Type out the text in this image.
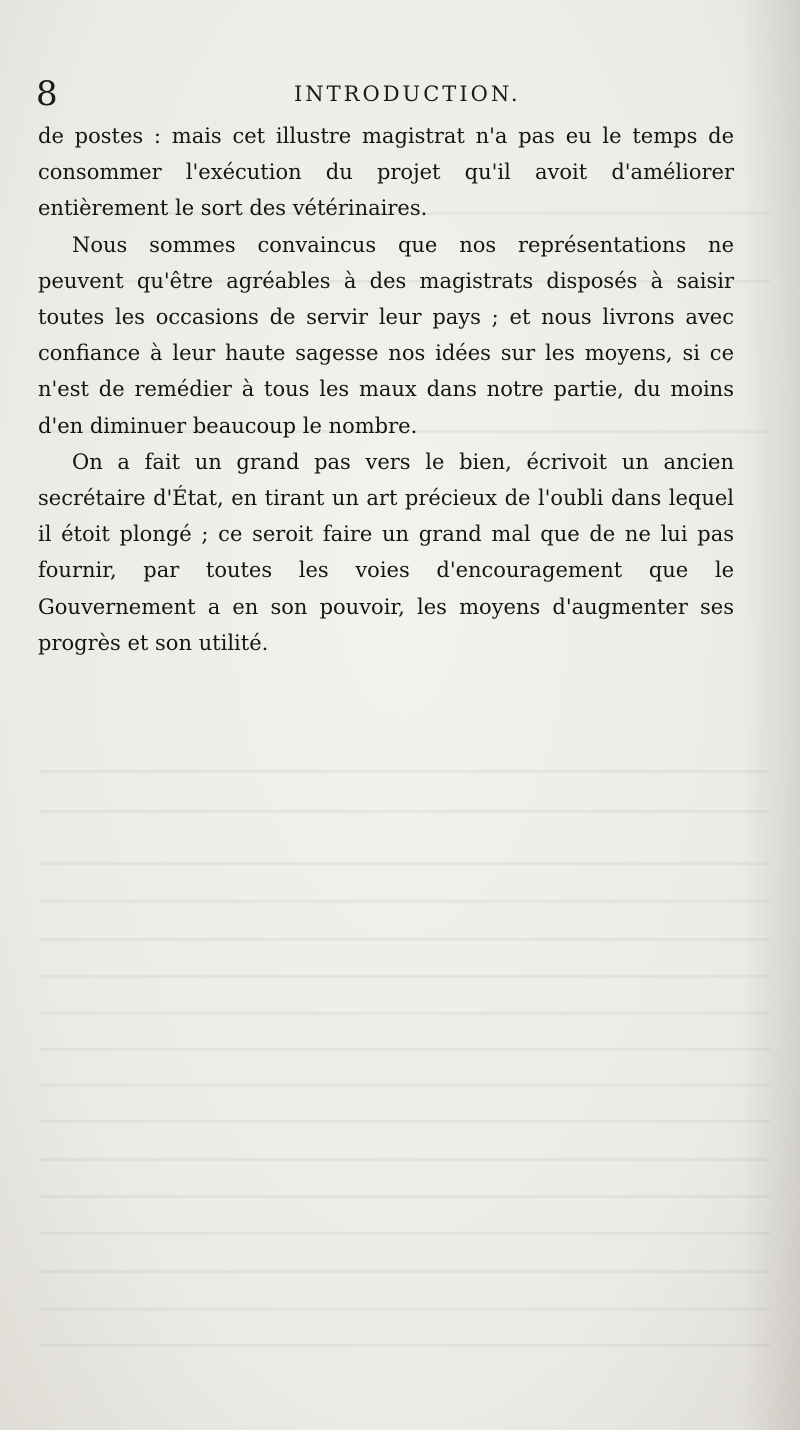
8	INTRODUCTION.

de postes : mais cet illustre magistrat n'a pas eu le temps de consommer l'exécution du projet qu'il avoit d'améliorer entièrement le sort des vétérinaires.

Nous sommes convaincus que nos représentations ne peuvent qu'être agréables à des magistrats disposés à saisir toutes les occasions de servir leur pays ; et nous livrons avec confiance à leur haute sagesse nos idées sur les moyens, si ce n'est de remédier à tous les maux dans notre partie, du moins d'en diminuer beaucoup le nombre.

On a fait un grand pas vers le bien, écrivoit un ancien secrétaire d'État, en tirant un art précieux de l'oubli dans lequel il étoit plongé ; ce seroit faire un grand mal que de ne lui pas fournir, par toutes les voies d'encouragement que le Gouvernement a en son pouvoir, les moyens d'augmenter ses progrès et son utilité.
